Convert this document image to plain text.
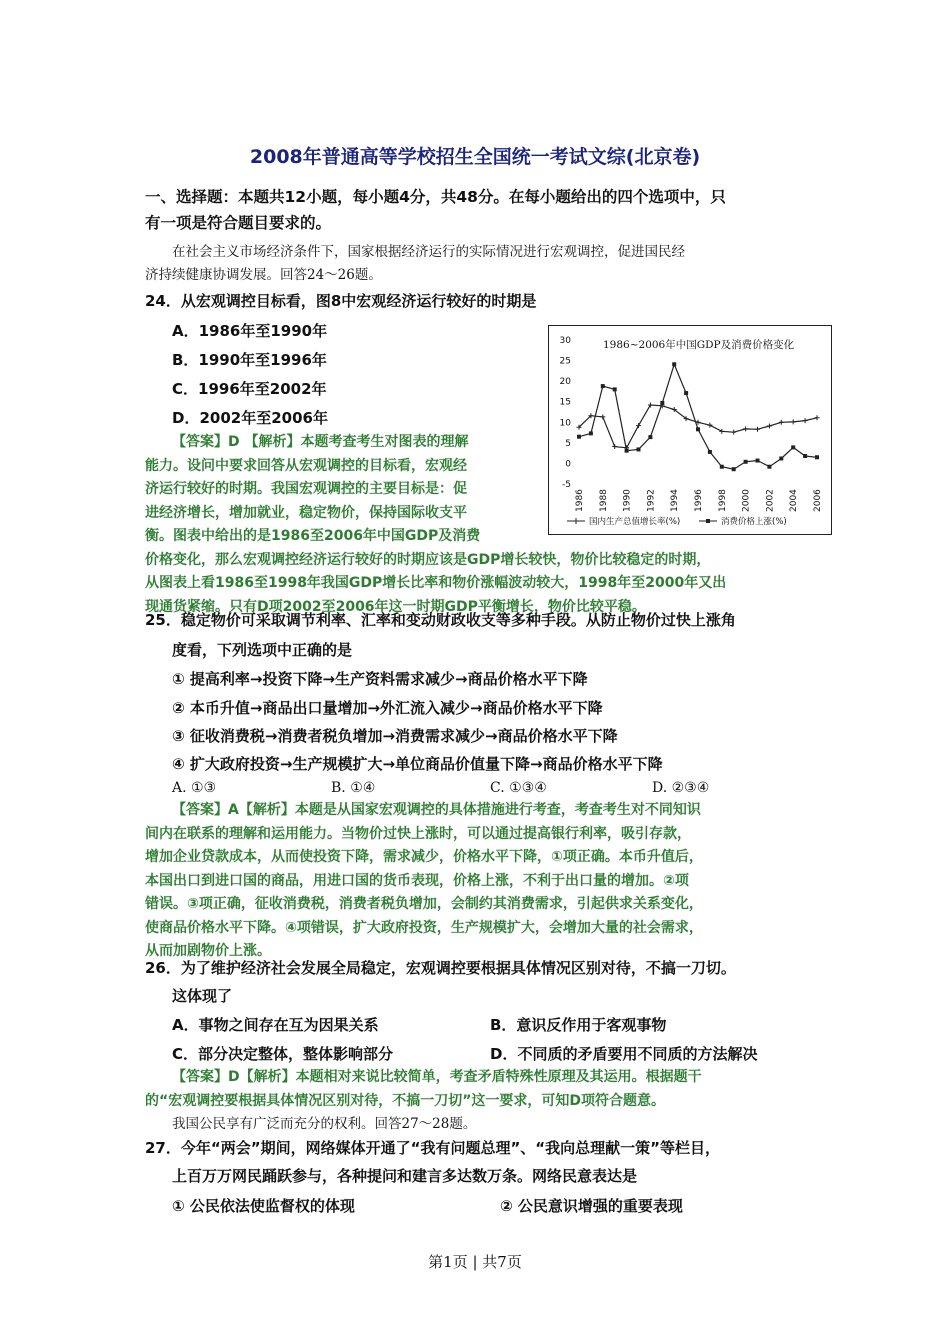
2008年普通高等学校招生全国统一考试文综(北京卷)
一、选择题：本题共12小题，每小题4分，共48分。在每小题给出的四个选项中，只
有一项是符合题目要求的。
在社会主义市场经济条件下，国家根据经济运行的实际情况进行宏观调控，促进国民经
济持续健康协调发展。回答24～26题。
24．从宏观调控目标看，图8中宏观经济运行较好的时期是
A．1986年至1990年
B．1990年至1996年
C．1996年至2002年
D．2002年至2006年
【答案】D 【解析】本题考查考生对图表的理解
能力。设问中要求回答从宏观调控的目标看，宏观经
济运行较好的时期。我国宏观调控的主要目标是：促
进经济增长，增加就业，稳定物价，保持国际收支平
衡。图表中给出的是1986至2006年中国GDP及消费
价格变化，那么宏观调控经济运行较好的时期应该是GDP增长较快，物价比较稳定的时期，
从图表上看1986至1998年我国GDP增长比率和物价涨幅波动较大，1998年至2000年又出
现通货紧缩。只有D项2002至2006年这一时期GDP平衡增长，物价比较平稳。
1986~2006年中国GDP及消费价格变化
30
25
20
15
10
5
0
-5
1986 1988 1990 1992 1994 1996 1998 2000 2002 2004 2006
国内生产总值增长率(%)	消费价格上涨(%)
25．稳定物价可采取调节利率、汇率和变动财政收支等多种手段。从防止物价过快上涨角
度看，下列选项中正确的是
① 提高利率→投资下降→生产资料需求减少→商品价格水平下降
② 本币升值→商品出口量增加→外汇流入减少→商品价格水平下降
③ 征收消费税→消费者税负增加→消费需求减少→商品价格水平下降
④ 扩大政府投资→生产规模扩大→单位商品价值量下降→商品价格水平下降
A. ①③	B. ①④	C. ①③④	D. ②③④
【答案】A【解析】本题是从国家宏观调控的具体措施进行考查，考查考生对不同知识
间内在联系的理解和运用能力。当物价过快上涨时，可以通过提高银行利率，吸引存款，
增加企业贷款成本，从而使投资下降，需求减少，价格水平下降，①项正确。本币升值后，
本国出口到进口国的商品，用进口国的货币表现，价格上涨，不利于出口量的增加。②项
错误。③项正确，征收消费税，消费者税负增加，会制约其消费需求，引起供求关系变化，
使商品价格水平下降。④项错误，扩大政府投资，生产规模扩大，会增加大量的社会需求，
从而加剧物价上涨。
26．为了维护经济社会发展全局稳定，宏观调控要根据具体情况区别对待，不搞一刀切。
这体现了
A．事物之间存在互为因果关系	B．意识反作用于客观事物
C．部分决定整体，整体影响部分	D．不同质的矛盾要用不同质的方法解决
【答案】D【解析】本题相对来说比较简单，考查矛盾特殊性原理及其运用。根据题干
的“宏观调控要根据具体情况区别对待，不搞一刀切”这一要求，可知D项符合题意。
我国公民享有广泛而充分的权利。回答27～28题。
27．今年“两会”期间，网络媒体开通了“我有问题总理”、“我向总理献一策”等栏目，
上百万万网民踊跃参与，各种提问和建言多达数万条。网络民意表达是
① 公民依法使监督权的体现	② 公民意识增强的重要表现
第1页 | 共7页
